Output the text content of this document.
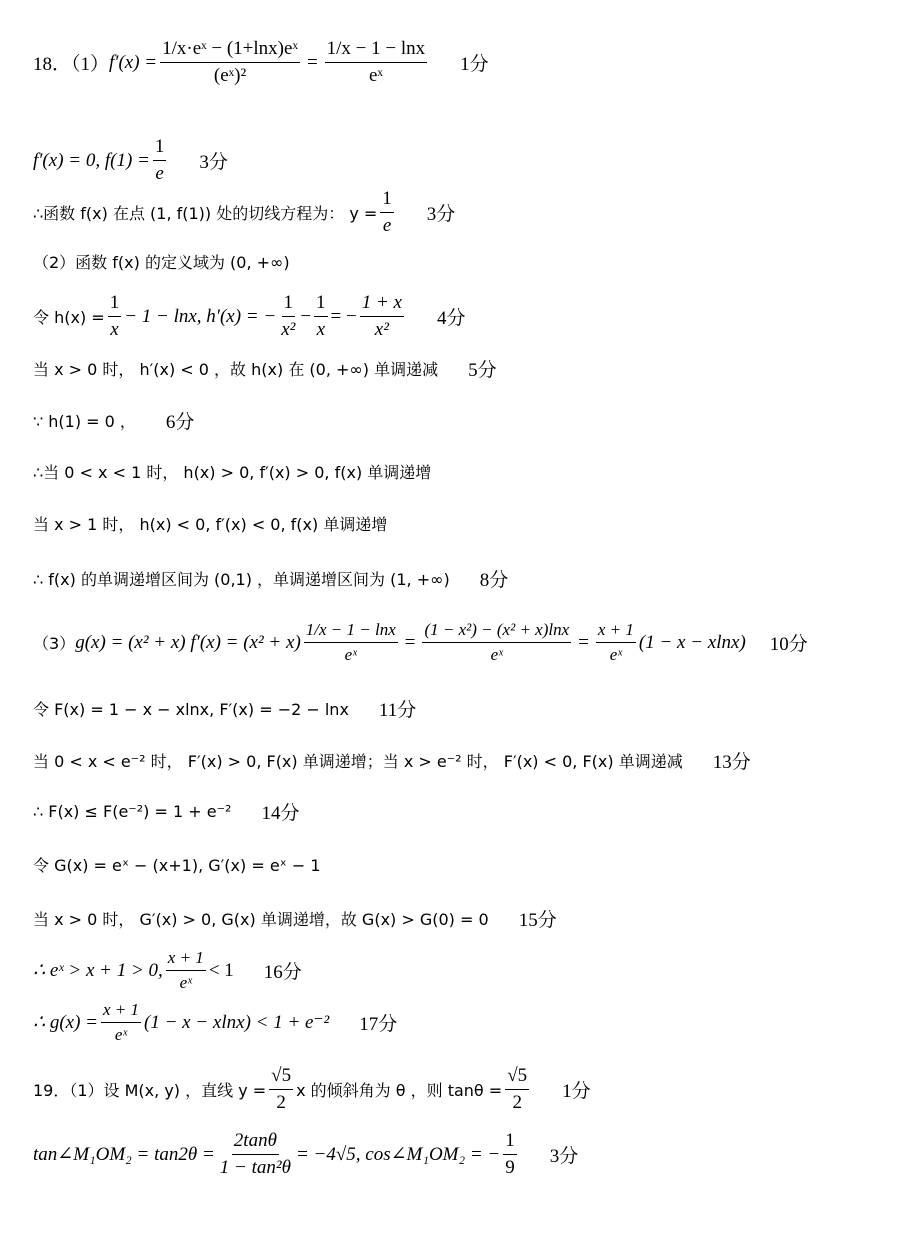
18．（1） $f'(x) = \frac{\text{1/x·eˣ − (1+lnx)eˣ}}{\text{(eˣ)²}} = \frac{1/x - 1 - \ln x}{\text{eˣ}} 1$分
f′(x) = 0, $f(1) = \frac{1}{e} 3$分
∴函数 f(x) 在点 (1, f(1)) 处的切线方程为： $y = \frac{1}{e} 3$分
（2）函数 f(x) 的定义域为 (0, +∞)
令 $h(x) = \frac{1}{x} - 1 - \ln x$, h′(x) = − $\frac{1}{\text{x²}} - \frac{1}{x}$ = − $\frac{1 + x}{\text{x²}} 4$分
当 x > 0 时， h′(x) < 0 ，故 h(x) 在 (0, +∞) 单调递减 5分
∵ h(1) = 0 ， 6分
∴当 0 < x < 1 时， h(x) > 0, f′(x) > 0, f(x) 单调递增
当 x > 1 时， h(x) < 0, f′(x) < 0, f(x) 单调递增
∴ f(x) 的单调递增区间为 (0,1) ，单调递增区间为 (1, +∞) 8分
（3） g(x) = (x² + x) $f'(x) = (x^2 + x) \frac{1/x - 1 - \ln x}{\text{eˣ}} = \frac{\text{(1 − x²) − (x² + x)lnx}}{\text{eˣ}} = \frac{x + 1}{\text{eˣ}} (1 - x - xlnx)$ 10分
令 F(x) = 1 − x − xlnx, F′(x) = −2 − lnx 11分
当 0 < x < e⁻² 时， F′(x) > 0, F(x) 单调递增；当 x > e⁻² 时， F′(x) < 0, F(x) 单调递减 13分
∴ F(x) ≤ F(e⁻²) = 1 + e⁻² 14分
令 G(x) = eˣ − (x+1), G′(x) = eˣ − 1
当 x > 0 时， G′(x) > 0, G(x) 单调递增，故 G(x) > G(0) = 0 15分
∴ eˣ > x + 1 > 0, $\frac{x + 1}{\text{eˣ}} < 1$ 16分
∴ $g(x) = \frac{x + 1}{\text{eˣ}} (1 - x - xlnx) < 1 + e^{-2}$ 17分
19．（1）设 M(x, y) ，直线 $y = \frac{√5}{2}$ x 的倾斜角为 θ ，则 $\tan\theta = \frac{√5}{2} 1$分
tan∠M₁OM₂ = $\tan 2\theta = \frac{2\tan\theta}{\text{1 − tan²θ}} = -4√5$, cos∠M₁OM₂ = − $\frac{1}{9} 3$分
